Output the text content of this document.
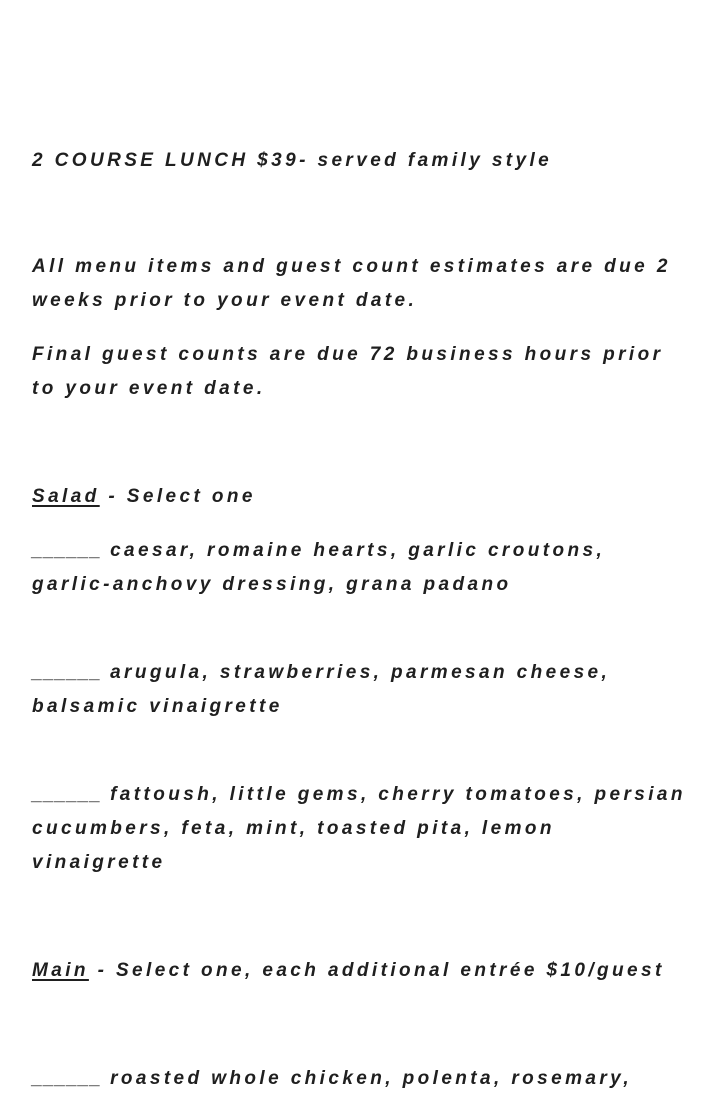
2 COURSE LUNCH $39- served family style

All menu items and guest count estimates are due 2 weeks prior to your event date.

Final guest counts are due 72 business hours prior to your event date.

Salad - Select one

______ caesar, romaine hearts, garlic croutons, garlic-anchovy dressing, grana padano

______ arugula, strawberries, parmesan cheese, balsamic vinaigrette

______ fattoush, little gems, cherry tomatoes, persian cucumbers, feta, mint, toasted pita, lemon vinaigrette

Main - Select one, each additional entrée $10/guest

______ roasted whole chicken, polenta, rosemary,
